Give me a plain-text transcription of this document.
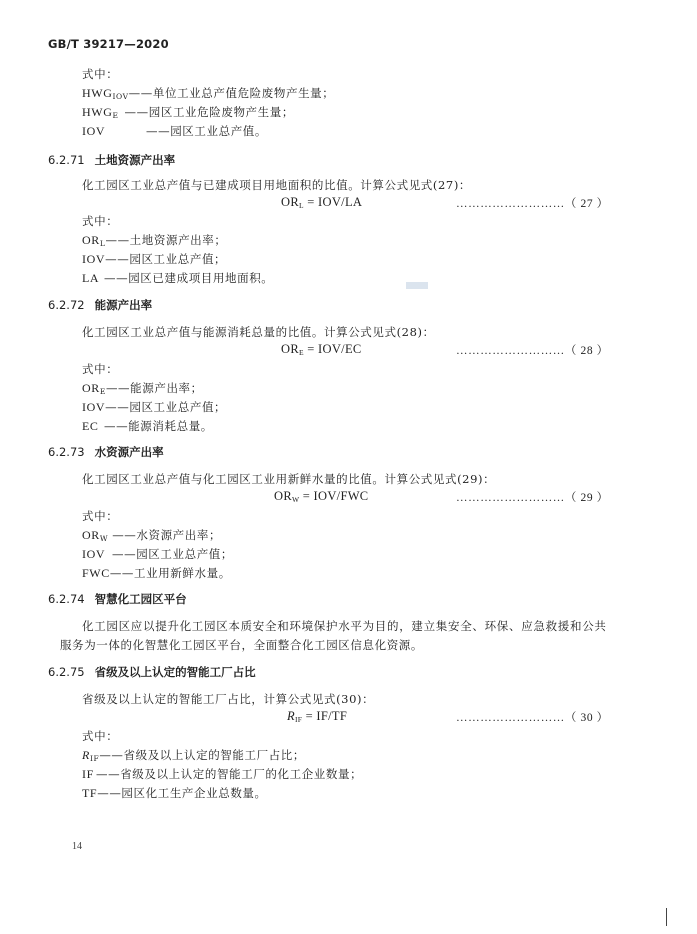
GB/T 39217—2020
式中：
$HWG_{IOV}——$单位工业总产值危险废物产生量；
$HWG_E$ ——园区工业危险废物产生量；
IOV	——园区工业总产值。
6.2.71 土地资源产出率
化工园区工业总产值与已建成项目用地面积的比值。计算公式见式(27)：
$OR_L = IOV/LA$	………………………（ 27 ）
式中：
$OR_L——$土地资源产出率；
IOV——园区工业总产值；
LA ——园区已建成项目用地面积。
6.2.72 能源产出率
化工园区工业总产值与能源消耗总量的比值。计算公式见式(28)：
$OR_E = IOV/EC$	………………………（ 28 ）
式中：
$OR_E——$能源产出率；
IOV——园区工业总产值；
EC ——能源消耗总量。
6.2.73 水资源产出率
化工园区工业总产值与化工园区工业用新鲜水量的比值。计算公式见式(29)：
$OR_W = IOV/FWC$	………………………（ 29 ）
式中：
$OR_W$ ——水资源产出率；
IOV ——园区工业总产值；
FWC——工业用新鲜水量。
6.2.74 智慧化工园区平台
化工园区应以提升化工园区本质安全和环境保护水平为目的，建立集安全、环保、应急救援和公共
服务为一体的化智慧化工园区平台，全面整合化工园区信息化资源。
6.2.75 省级及以上认定的智能工厂占比
省级及以上认定的智能工厂占比，计算公式见式(30)：
$R_{IF} = IF/TF$	………………………（ 30 ）
式中：
$R_{IF}——$省级及以上认定的智能工厂占比；
IF ——省级及以上认定的智能工厂的化工企业数量；
TF——园区化工生产企业总数量。
14
